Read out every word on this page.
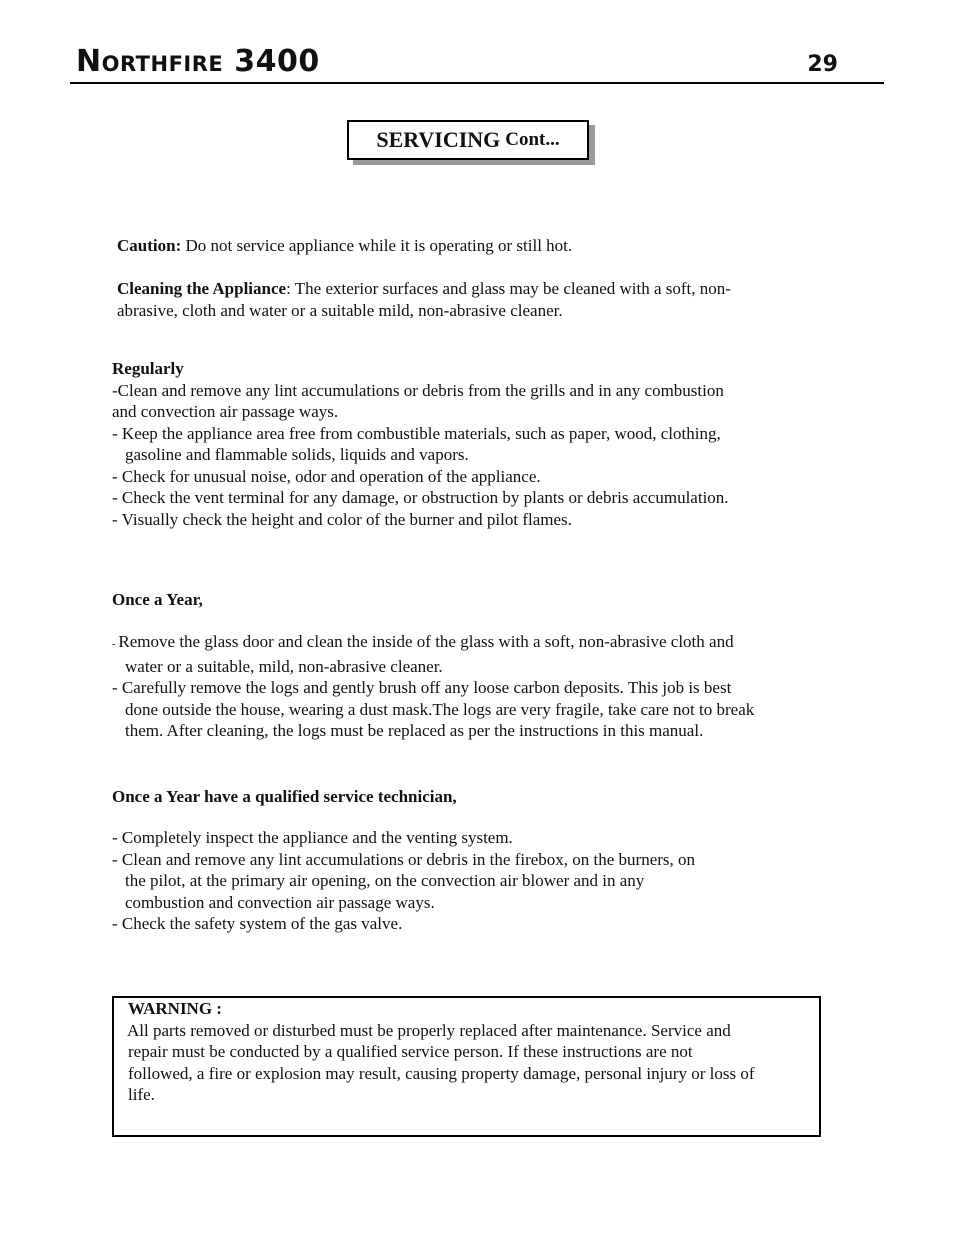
Northfire 3400	29
SERVICING Cont...
Caution: Do not service appliance while it is operating or still hot.
Cleaning the Appliance: The exterior surfaces and glass may be cleaned with a soft, non-
abrasive, cloth and water or a suitable mild, non-abrasive cleaner.
Regularly
-Clean and remove any lint accumulations or debris from the grills and in any combustion
and convection air passage ways.
- Keep the appliance area free from combustible materials, such as paper, wood, clothing,
gasoline and flammable solids, liquids and vapors.
- Check for unusual noise, odor and operation of the appliance.
- Check the vent terminal for any damage, or obstruction by plants or debris accumulation.
- Visually check the height and color of the burner and pilot flames.
Once a Year,
- Remove the glass door and clean the inside of the glass with a soft, non-abrasive cloth and
water or a suitable, mild, non-abrasive cleaner.
- Carefully remove the logs and gently brush off any loose carbon deposits. This job is best
done outside the house, wearing a dust mask.The logs are very fragile, take care not to break
them. After cleaning, the logs must be replaced as per the instructions in this manual.
Once a Year have a qualified service technician,
- Completely inspect the appliance and the venting system.
- Clean and remove any lint accumulations or debris in the firebox, on the burners, on
the pilot, at the primary air opening, on the convection air blower and in any
combustion and convection air passage ways.
- Check the safety system of the gas valve.
WARNING :
All parts removed or disturbed must be properly replaced after maintenance. Service and
repair must be conducted by a qualified service person. If these instructions are not
followed, a fire or explosion may result, causing property damage, personal injury or loss of
life.
